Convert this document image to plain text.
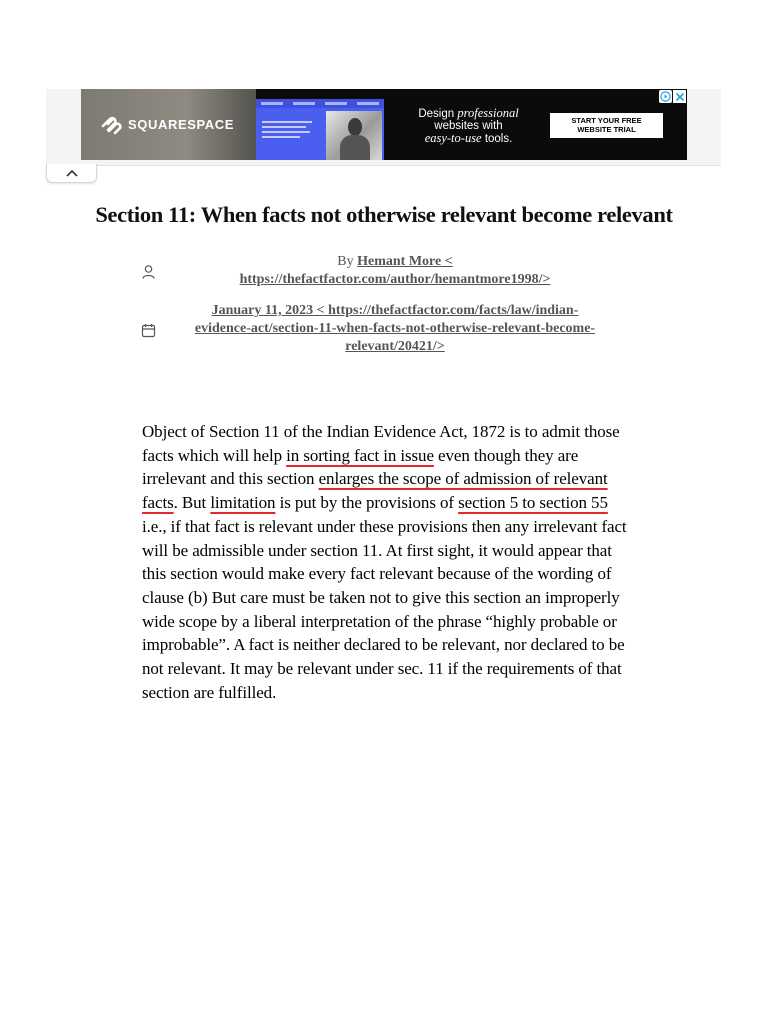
SQUARESPACE
Design professional
websites with
easy-to-use tools.
START YOUR FREE
WEBSITE TRIAL
Section 11: When facts not otherwise relevant become relevant
By Hemant More <
https://thefactfactor.com/author/hemantmore1998/>
January 11, 2023 < https://thefactfactor.com/facts/law/indian-
evidence-act/section-11-when-facts-not-otherwise-relevant-become-
relevant/20421/>

Object of Section 11 of the Indian Evidence Act, 1872 is to admit those facts which will help in sorting fact in issue even though they are irrelevant and this section enlarges the scope of admission of relevant facts. But limitation is put by the provisions of section 5 to section 55 i.e., if that fact is relevant under these provisions then any irrelevant fact will be admissible under section 11. At first sight, it would appear that this section would make every fact relevant because of the wording of clause (b) But care must be taken not to give this section an improperly wide scope by a liberal interpretation of the phrase “highly probable or improbable”. A fact is neither declared to be relevant, nor declared to be not relevant. It may be relevant under sec. 11 if the requirements of that section are fulfilled.
